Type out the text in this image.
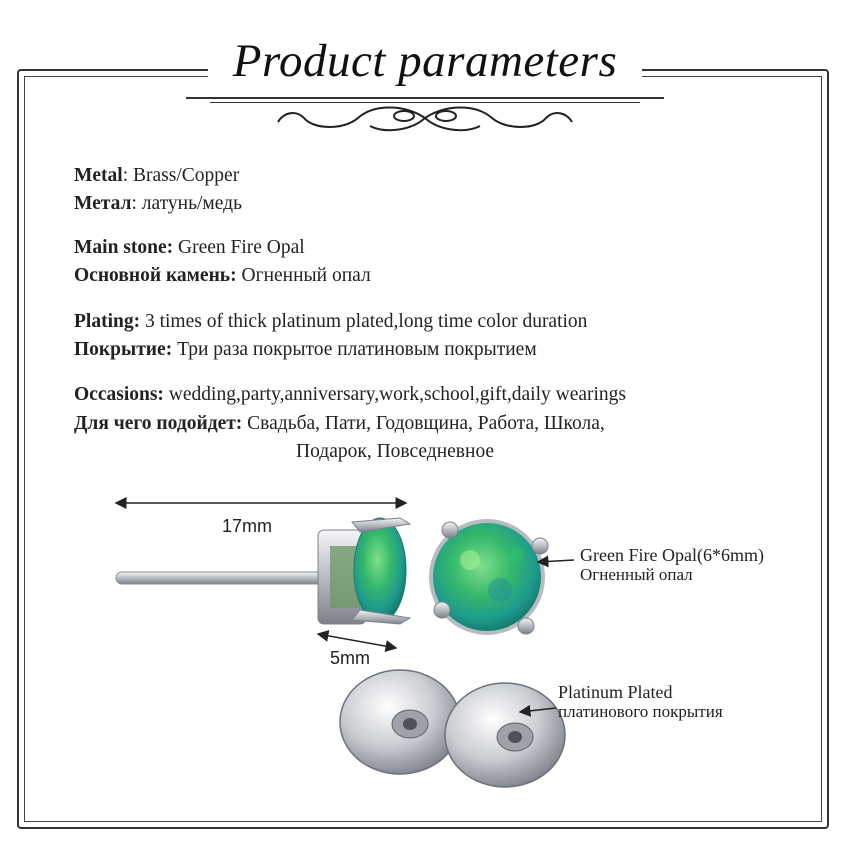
Product parameters
Metal: Brass/Copper
Метал: латунь/медь
Main stone: Green Fire Opal
Основной камень: Огненный опал
Plating: 3 times of thick platinum plated,long time color duration
Покрытие: Три раза покрытое платиновым покрытием
Occasions: wedding,party,anniversary,work,school,gift,daily wearings
Для чего подойдет: Свадьба, Пати, Годовщина, Работа, Школа,
Подарок, Повседневное
17mm
5mm
Green Fire Opal(6*6mm)
Огненный опал
Platinum Plated
платинового покрытия
